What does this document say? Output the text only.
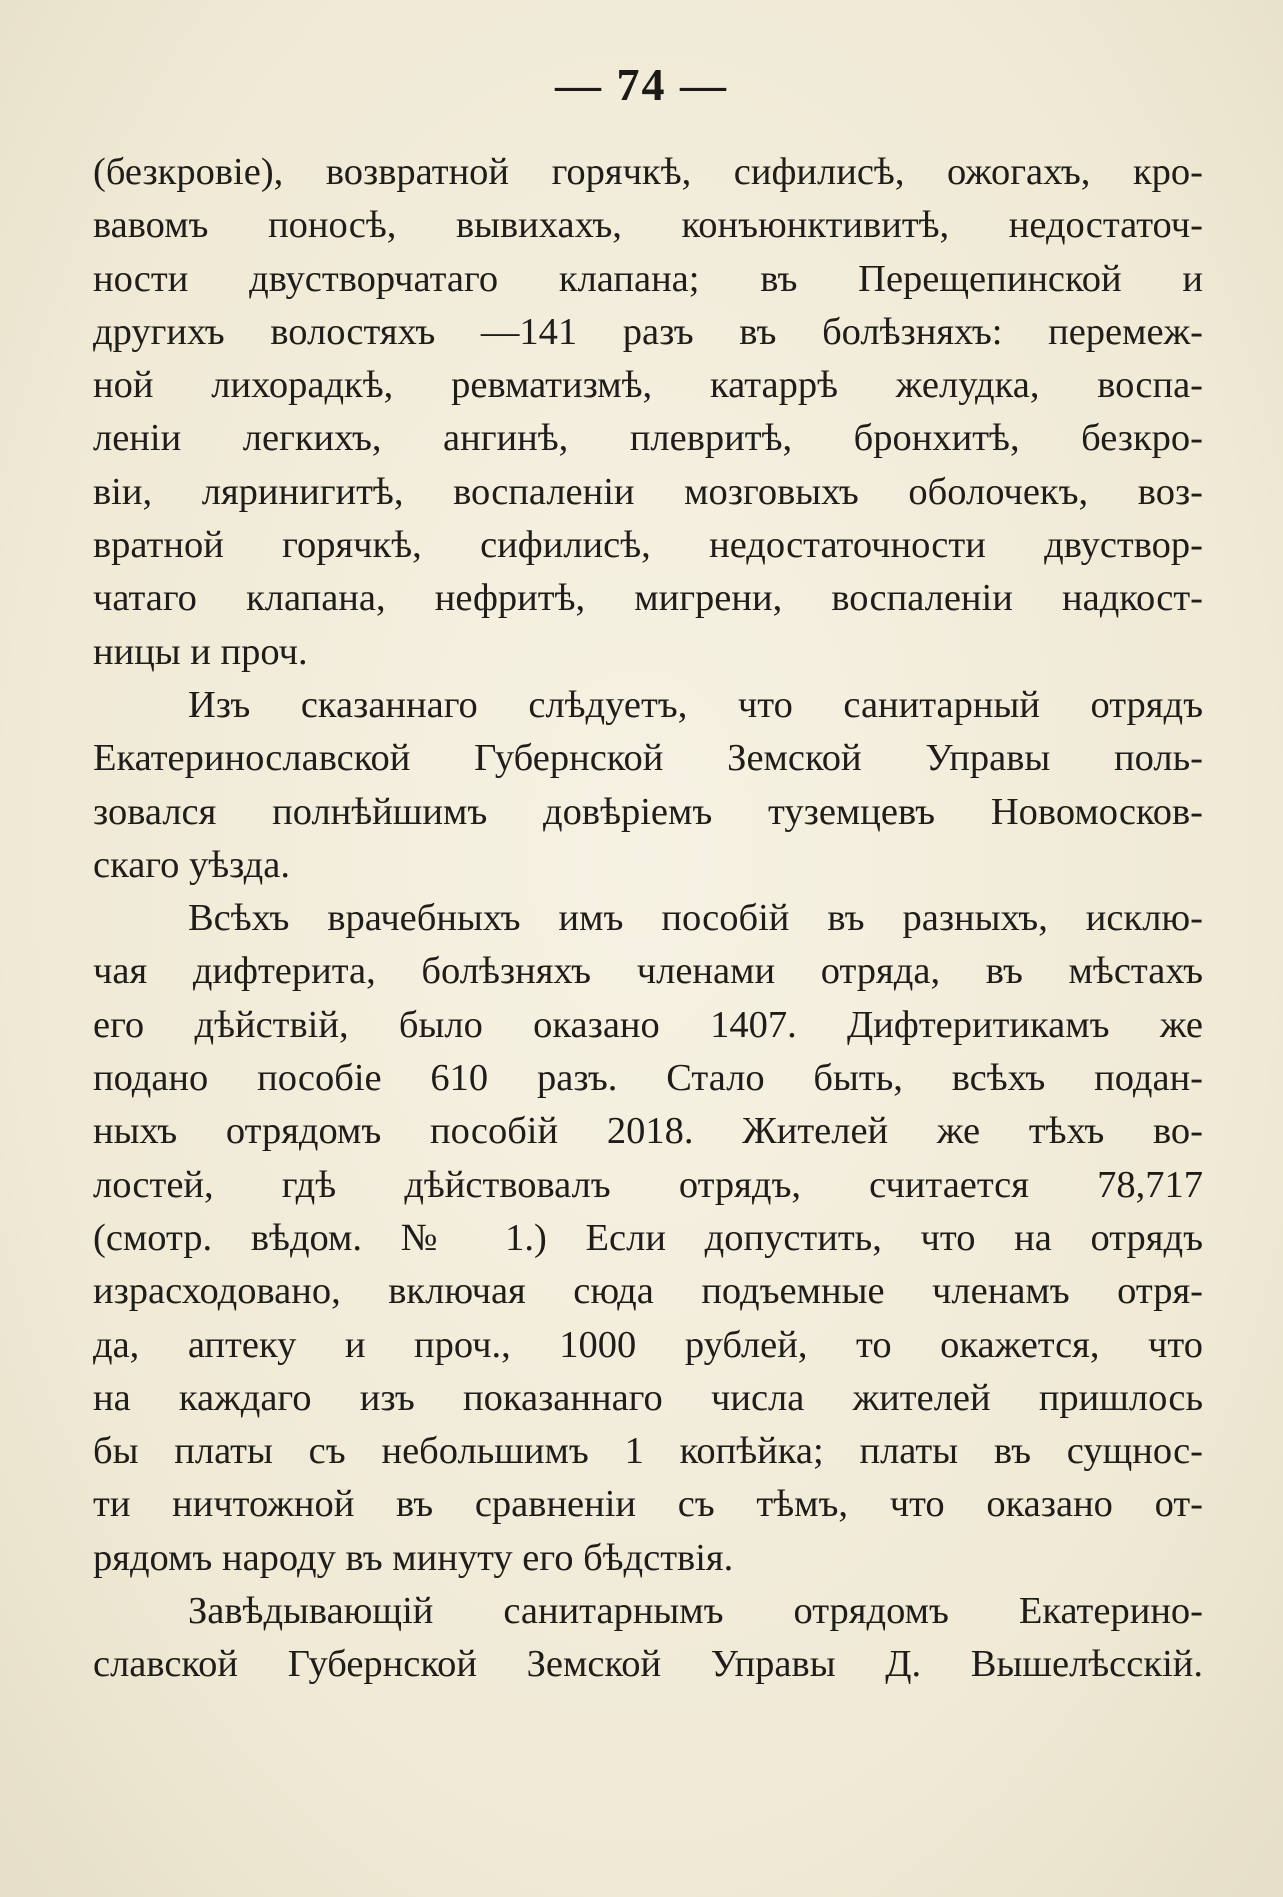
— 74 —
(безкровіе), возвратной горячкѣ, сифилисѣ, ожогахъ, кро-
вавомъ поносѣ, вывихахъ, конъюнктивитѣ, недостаточ-
ности двустворчатаго клапана; въ Перещепинской и
другихъ волостяхъ —141 разъ въ болѣзняхъ: перемеж-
ной лихорадкѣ, ревматизмѣ, катаррѣ желудка, воспа-
леніи легкихъ, ангинѣ, плевритѣ, бронхитѣ, безкро-
віи, ляринигитѣ, воспаленіи мозговыхъ оболочекъ, воз-
вратной горячкѣ, сифилисѣ, недостаточности двуствор-
чатаго клапана, нефритѣ, мигрени, воспаленіи надкост-
ницы и проч.
Изъ сказаннаго слѣдуетъ, что санитарный отрядъ
Екатеринославской Губернской Земской Управы поль-
зовался полнѣйшимъ довѣріемъ туземцевъ Новомосков-
скаго уѣзда.
Всѣхъ врачебныхъ имъ пособій въ разныхъ, исклю-
чая дифтерита, болѣзняхъ членами отряда, въ мѣстахъ
его дѣйствій, было оказано 1407. Дифтеритикамъ же
подано пособіе 610 разъ. Стало быть, всѣхъ подан-
ныхъ отрядомъ пособій 2018. Жителей же тѣхъ во-
лостей, гдѣ дѣйствовалъ отрядъ, считается 78,717
(смотр. вѣдом. № 1.) Если допустить, что на отрядъ
израсходовано, включая сюда подъемные членамъ отря-
да, аптеку и проч., 1000 рублей, то окажется, что
на каждаго изъ показаннаго числа жителей пришлось
бы платы съ небольшимъ 1 копѣйка; платы въ сущнос-
ти ничтожной въ сравненіи съ тѣмъ, что оказано от-
рядомъ народу въ минуту его бѣдствія.
Завѣдывающій санитарнымъ отрядомъ Екатерино-
славской Губернской Земской Управы Д. Вышелѣсскій.
